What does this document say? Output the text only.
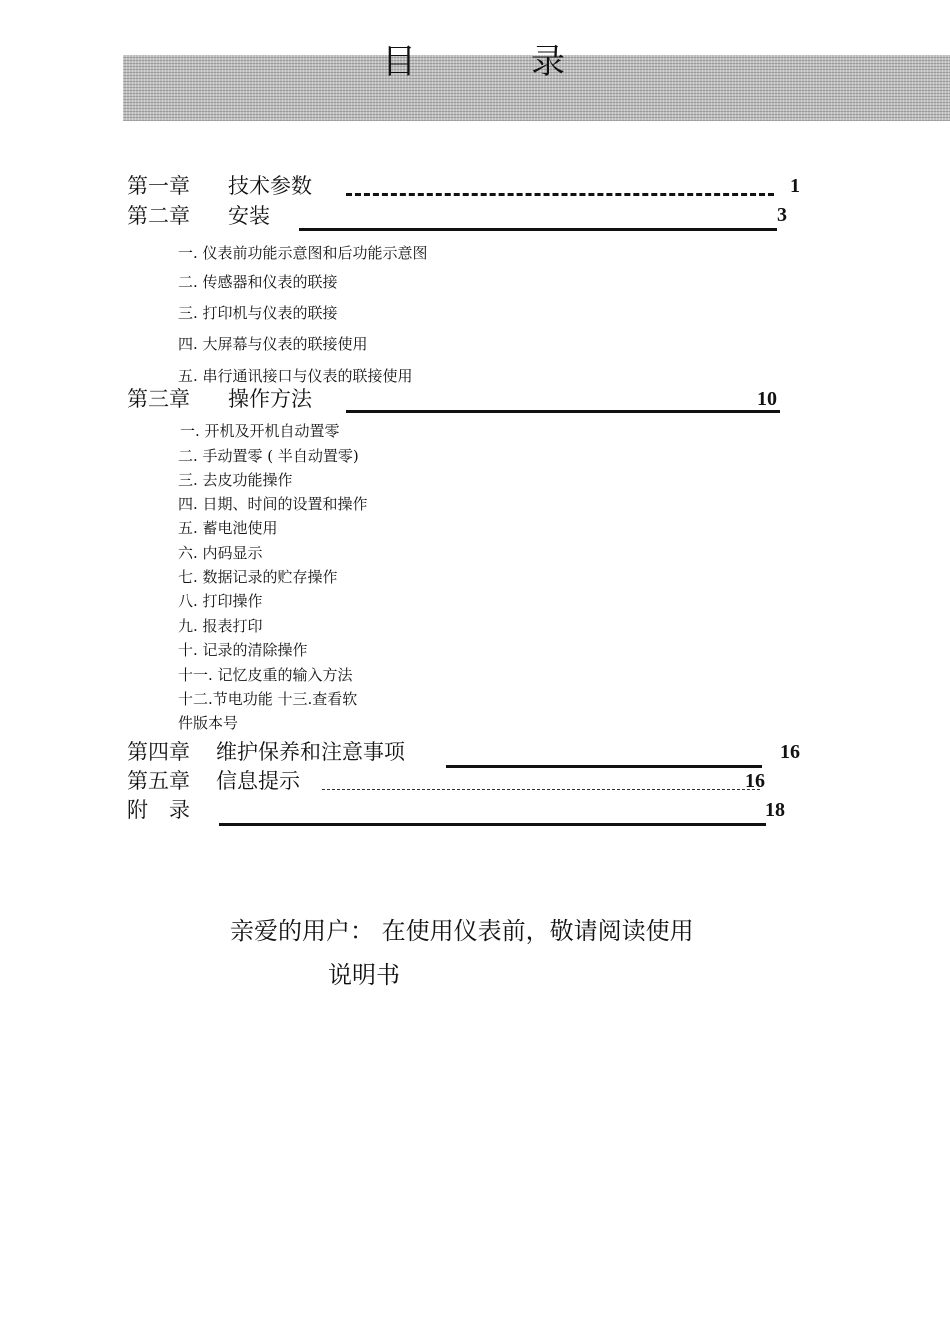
目	录
第一章 技术参数	1
第二章 安装	3
一. 仪表前功能示意图和后功能示意图
二. 传感器和仪表的联接
三. 打印机与仪表的联接
四. 大屏幕与仪表的联接使用
五. 串行通讯接口与仪表的联接使用
第三章 操作方法	10
一. 开机及开机自动置零
二. 手动置零 ( 半自动置零)
三. 去皮功能操作
四. 日期、时间的设置和操作
五. 蓄电池使用
六. 内码显示
七. 数据记录的贮存操作
八. 打印操作
九. 报表打印
十. 记录的清除操作
十一. 记忆皮重的输入方法
十二.节电功能 十三.查看软
件版本号
第四章 维护保养和注意事项	16
第五章 信息提示	16
附　录	18
亲爱的用户： 在使用仪表前，敬请阅读使用
说明书
